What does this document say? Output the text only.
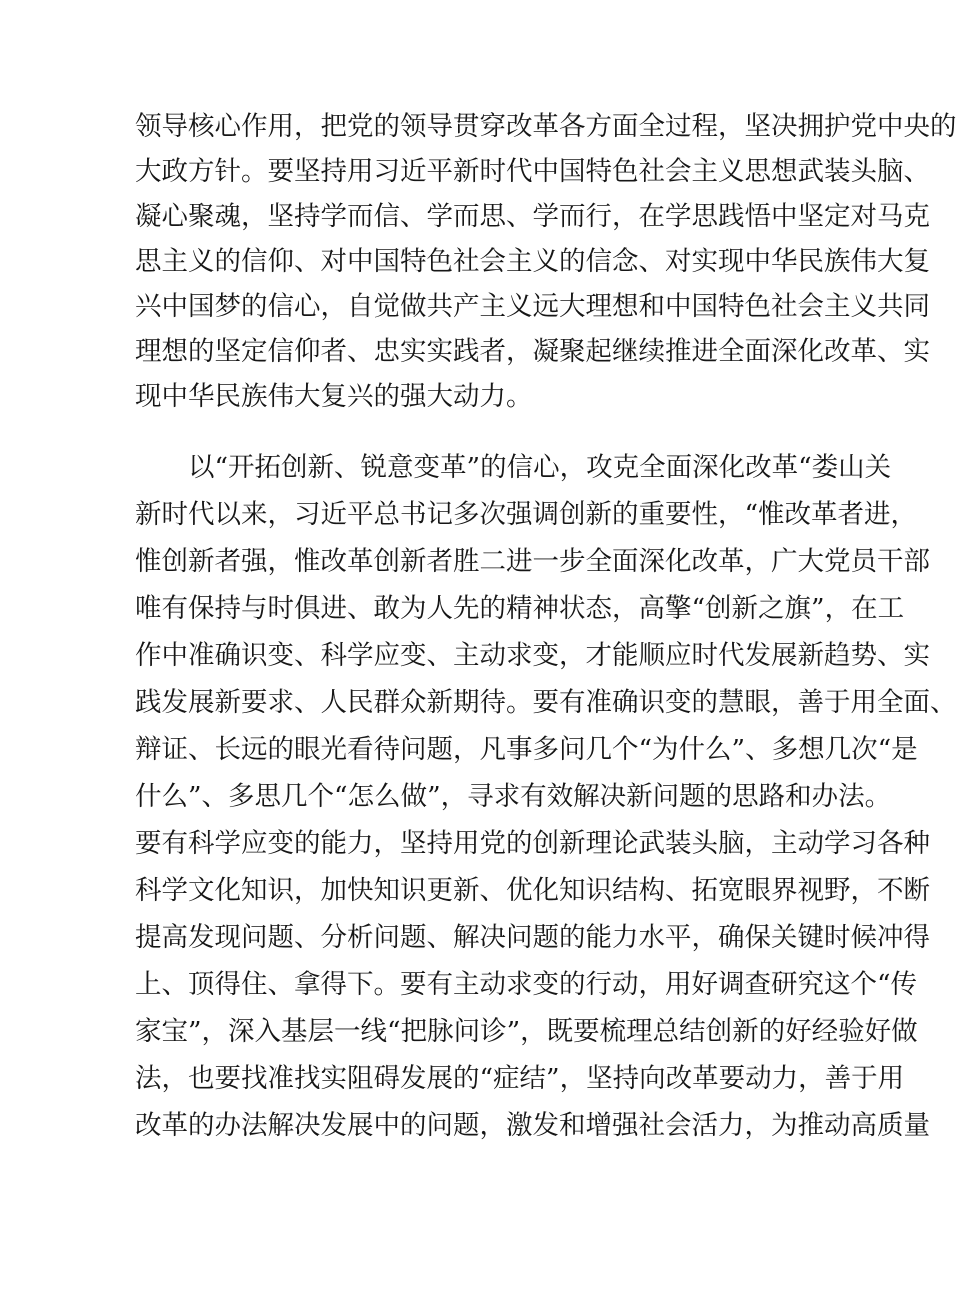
领导核心作用，把党的领导贯穿改革各方面全过程，坚决拥护党中央的
大政方针。要坚持用习近平新时代中国特色社会主义思想武装头脑、
凝心聚魂，坚持学而信、学而思、学而行，在学思践悟中坚定对马克
思主义的信仰、对中国特色社会主义的信念、对实现中华民族伟大复
兴中国梦的信心，自觉做共产主义远大理想和中国特色社会主义共同
理想的坚定信仰者、忠实实践者，凝聚起继续推进全面深化改革、实
现中华民族伟大复兴的强大动力。
以“开拓创新、锐意变革”的信心，攻克全面深化改革“娄山关
新时代以来，习近平总书记多次强调创新的重要性，“惟改革者进，
惟创新者强，惟改革创新者胜二进一步全面深化改革，广大党员干部
唯有保持与时俱进、敢为人先的精神状态，高擎“创新之旗”，在工
作中准确识变、科学应变、主动求变，才能顺应时代发展新趋势、实
践发展新要求、人民群众新期待。要有准确识变的慧眼，善于用全面、
辩证、长远的眼光看待问题，凡事多问几个“为什么”、多想几次“是
什么”、多思几个“怎么做”，寻求有效解决新问题的思路和办法。
要有科学应变的能力，坚持用党的创新理论武装头脑，主动学习各种
科学文化知识，加快知识更新、优化知识结构、拓宽眼界视野，不断
提高发现问题、分析问题、解决问题的能力水平，确保关键时候冲得
上、顶得住、拿得下。要有主动求变的行动，用好调查研究这个“传
家宝”，深入基层一线“把脉问诊”，既要梳理总结创新的好经验好做
法，也要找准找实阻碍发展的“症结”，坚持向改革要动力，善于用
改革的办法解决发展中的问题，激发和增强社会活力，为推动高质量
